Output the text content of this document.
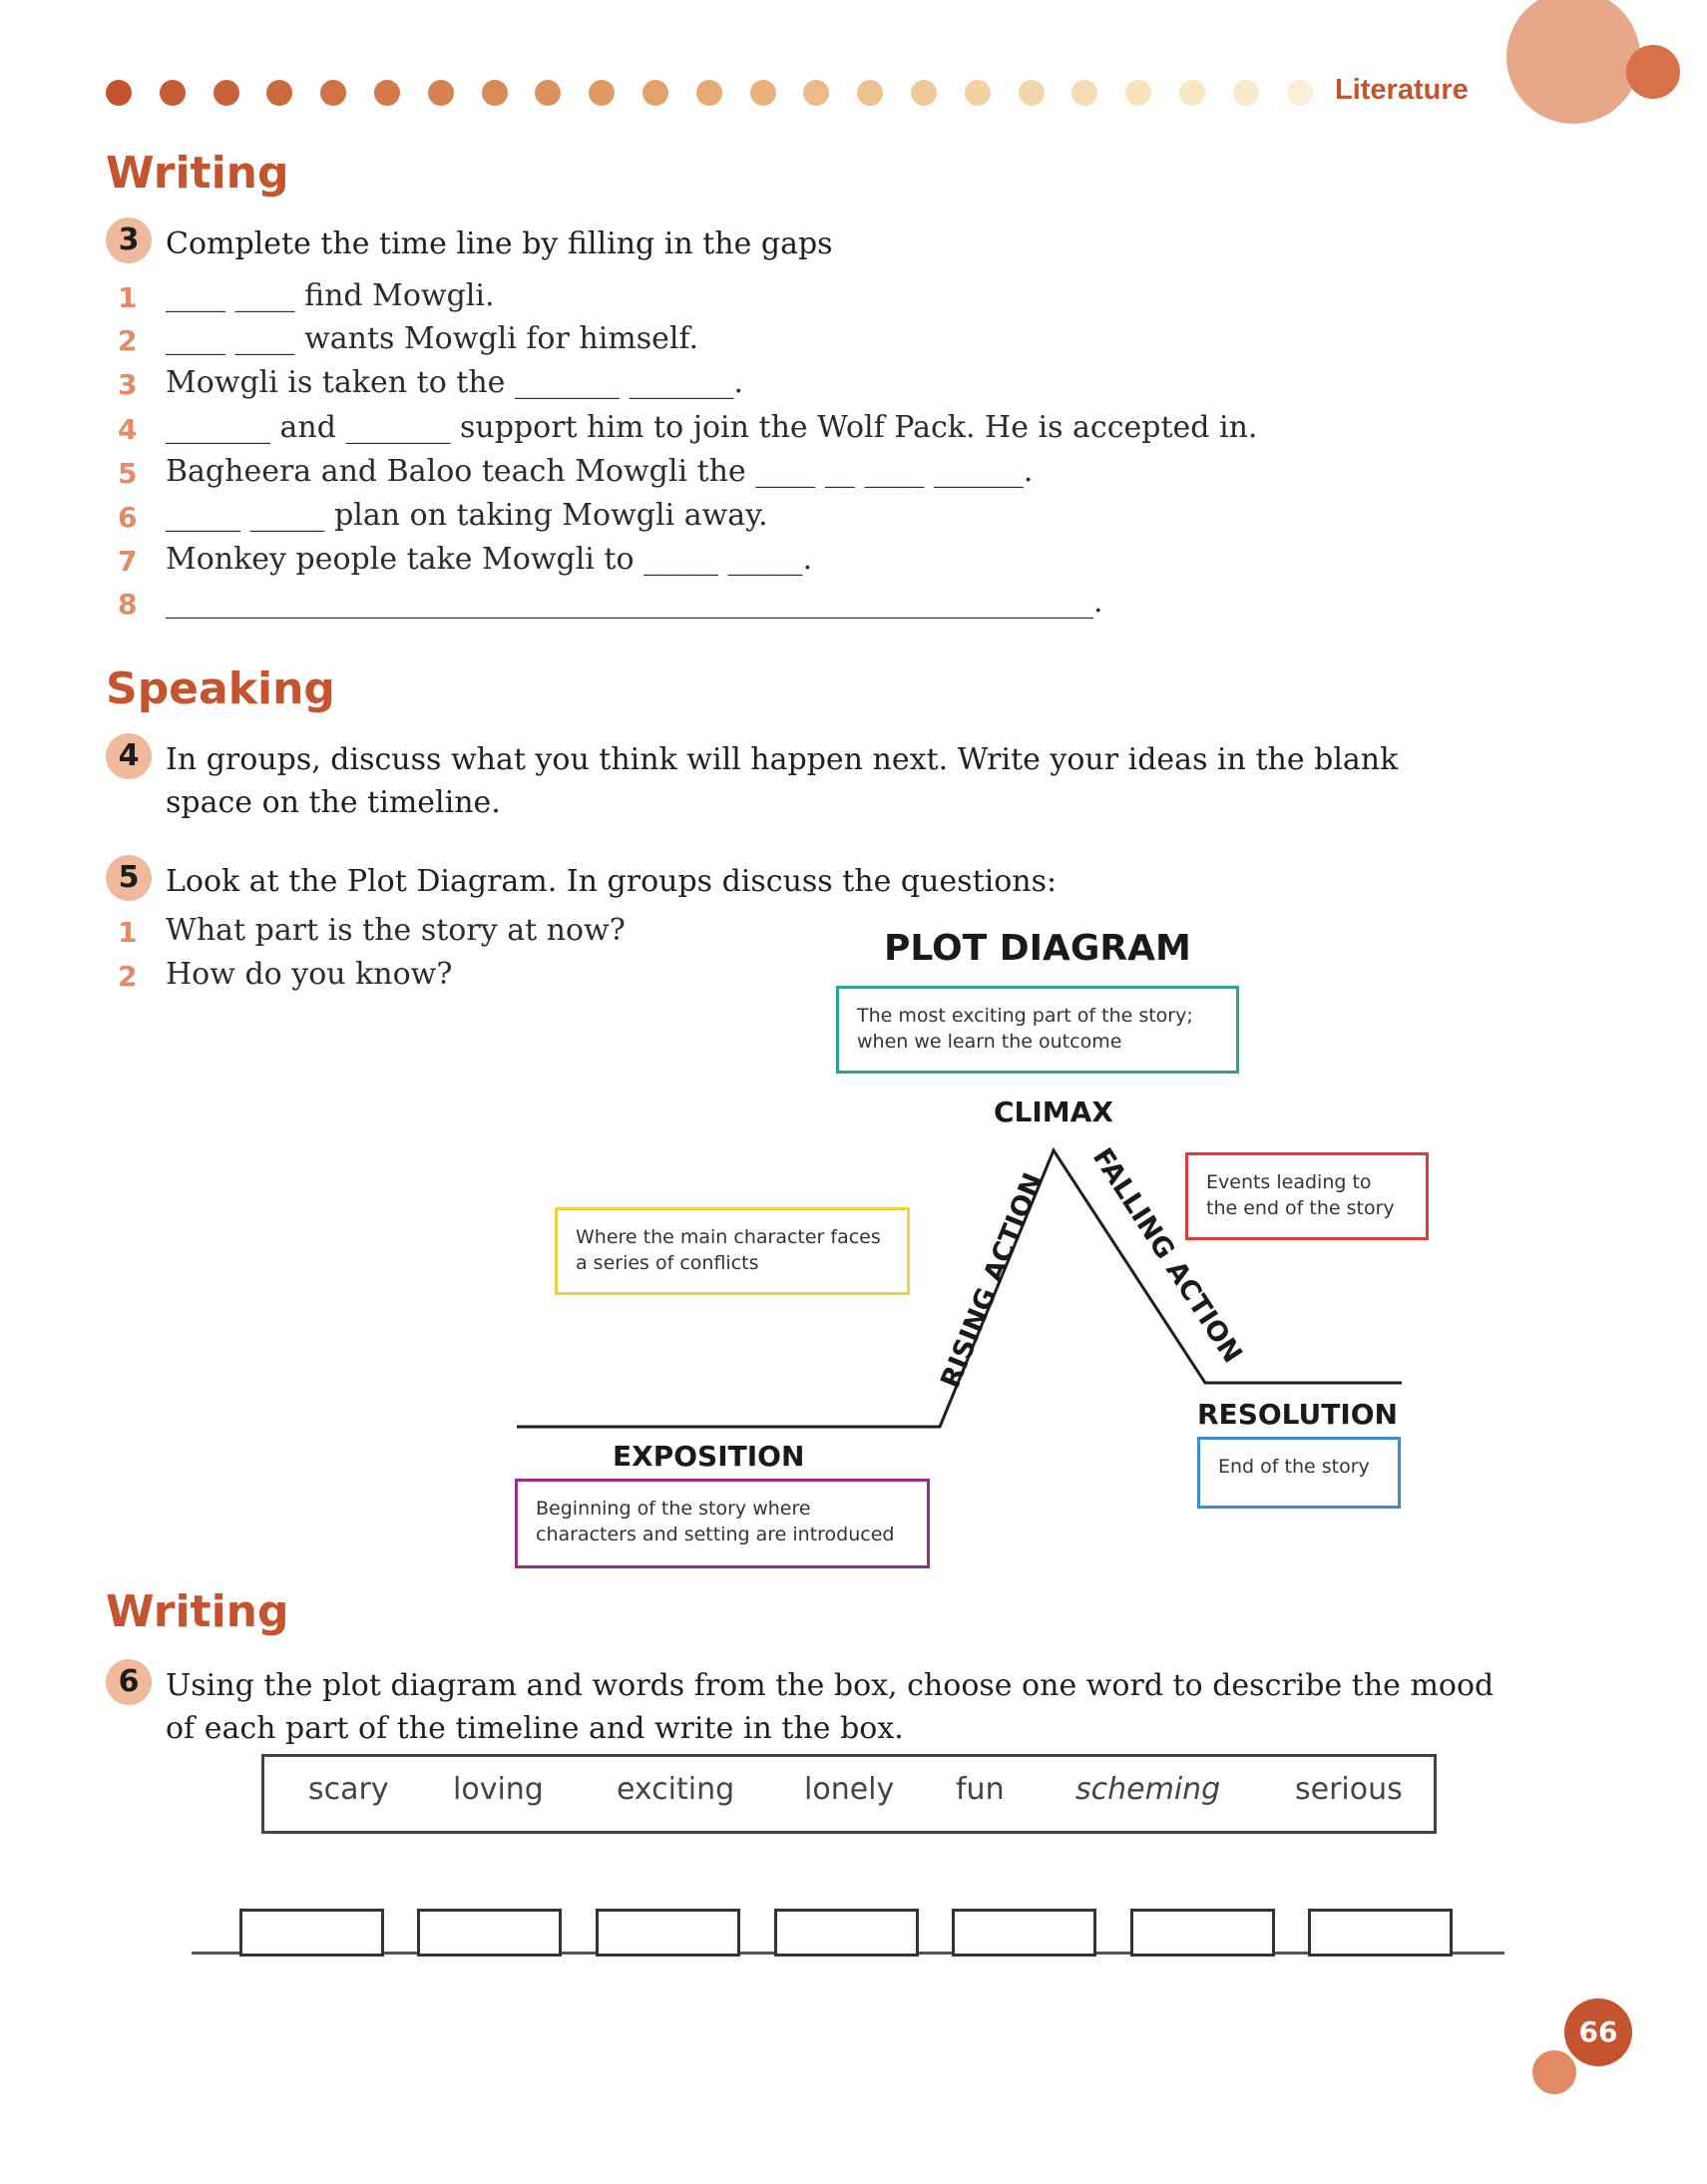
Literature
Writing
3 Complete the time line by filling in the gaps
1 ____ ____ find Mowgli.
2 ____ ____ wants Mowgli for himself.
3 Mowgli is taken to the _______ _______.
4 _______ and _______ support him to join the Wolf Pack. He is accepted in.
5 Bagheera and Baloo teach Mowgli the ____ __ ____ ______.
6 _____ _____ plan on taking Mowgli away.
7 Monkey people take Mowgli to _____ _____.
8 ______________________________________________________________.
Speaking
4 In groups, discuss what you think will happen next. Write your ideas in the blank
space on the timeline.
5 Look at the Plot Diagram. In groups discuss the questions:
1 What part is the story at now?
2 How do you know?
PLOT DIAGRAM
The most exciting part of the story;
when we learn the outcome
CLIMAX
RISING ACTION FALLING ACTION
Where the main character faces
a series of conflicts
Events leading to
the end of the story
EXPOSITION
Beginning of the story where
characters and setting are introduced
RESOLUTION
End of the story
Writing
6 Using the plot diagram and words from the box, choose one word to describe the mood
of each part of the timeline and write in the box.
scary loving exciting lonely fun scheming serious
66
